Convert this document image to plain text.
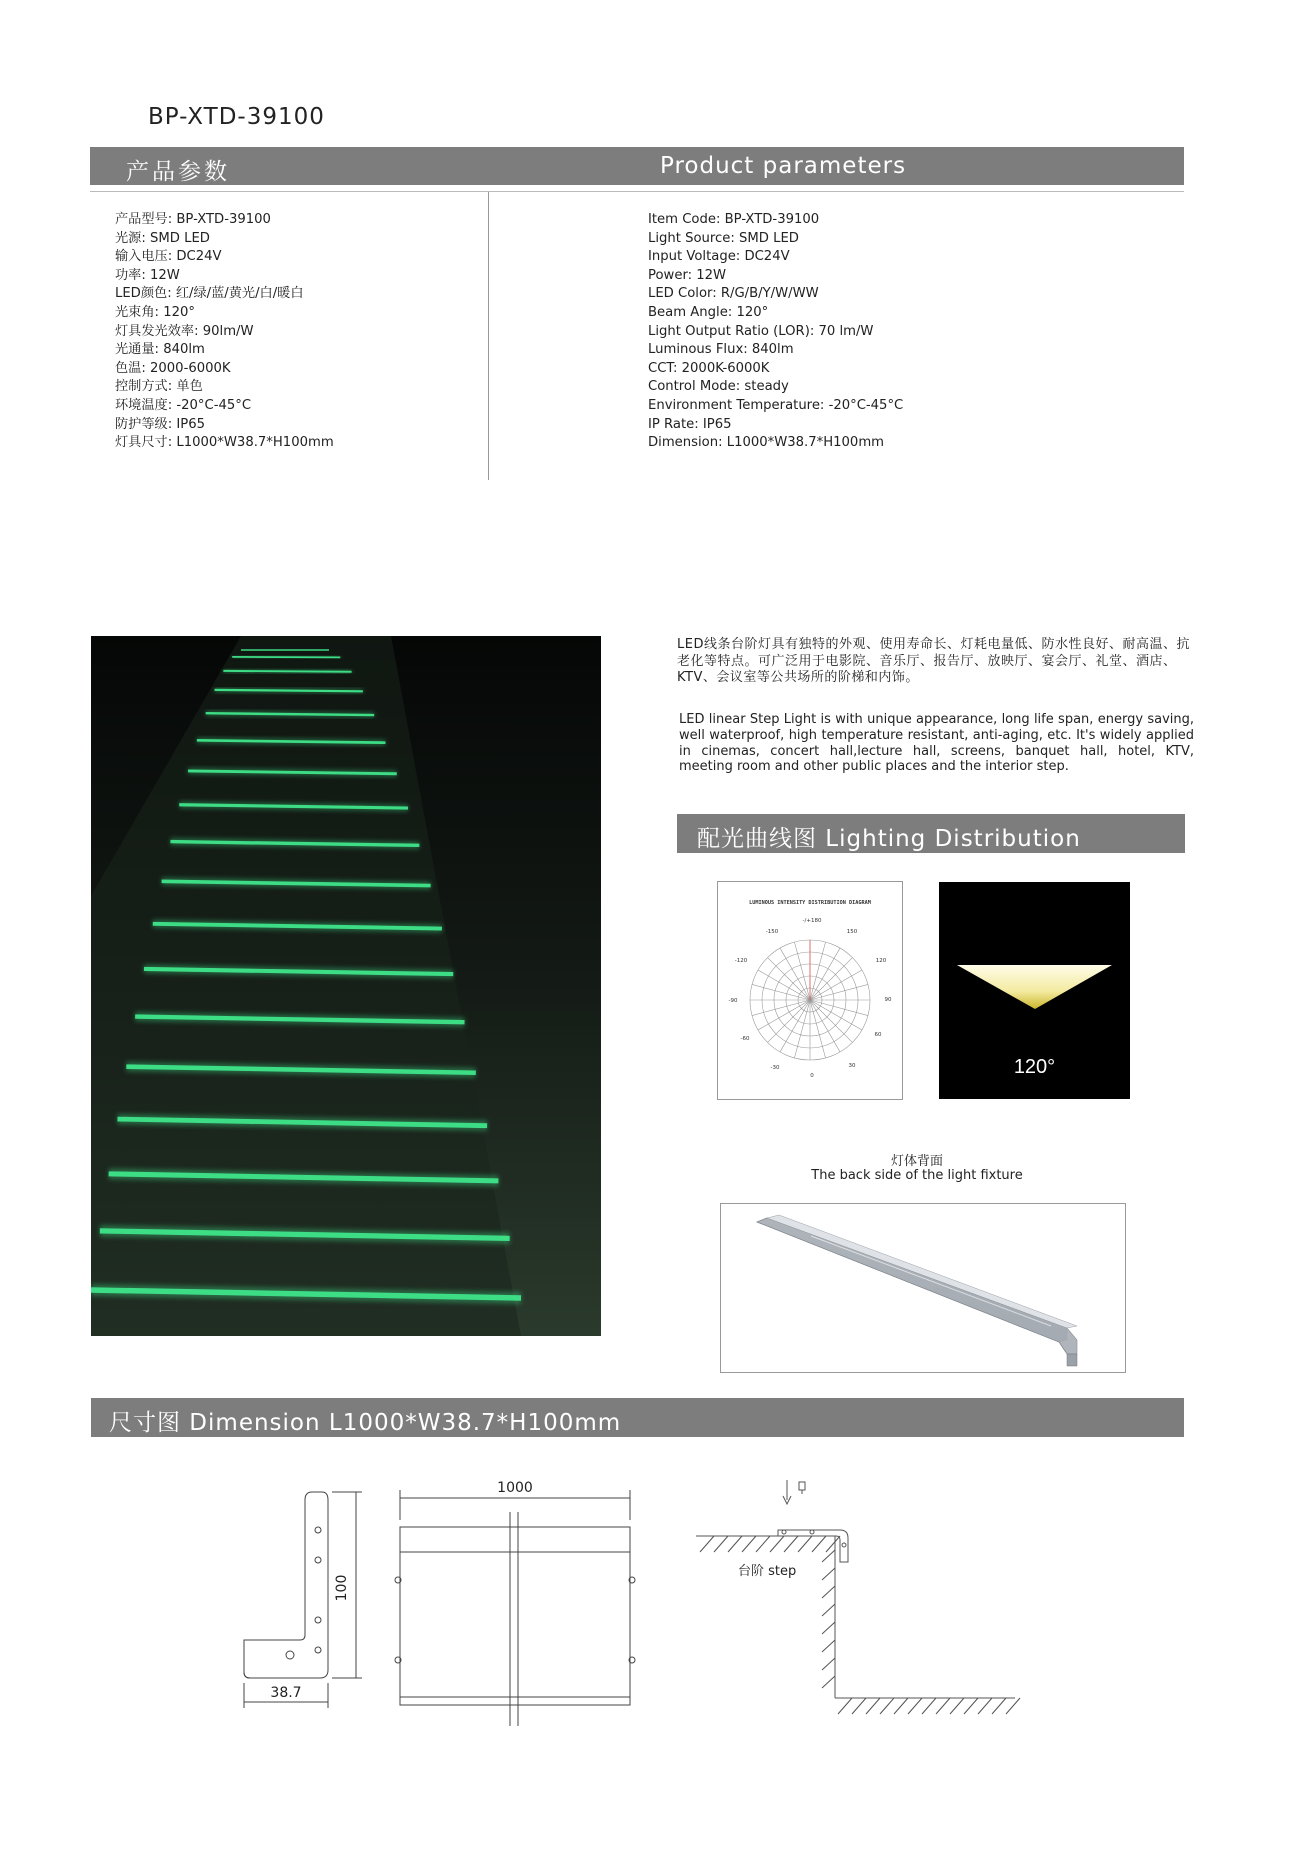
BP-XTD-39100
产品参数	Product parameters
产品型号: BP-XTD-39100
光源: SMD LED
输入电压: DC24V
功率: 12W
LED颜色: 红/绿/蓝/黄光/白/暖白
光束角: 120°
灯具发光效率: 90lm/W
光通量: 840lm
色温: 2000-6000K
控制方式: 单色
环境温度: -20°C-45°C
防护等级: IP65
灯具尺寸: L1000*W38.7*H100mm
Item Code: BP-XTD-39100
Light Source: SMD LED
Input Voltage: DC24V
Power: 12W
LED Color: R/G/B/Y/W/WW
Beam Angle: 120°
Light Output Ratio (LOR): 70 lm/W
Luminous Flux: 840lm
CCT: 2000K-6000K
Control Mode: steady
Environment Temperature: -20°C-45°C
IP Rate: IP65
Dimension: L1000*W38.7*H100mm
LED线条台阶灯具有独特的外观、使用寿命长、灯耗电量低、防水性良好、耐高温、抗老化等特点。可广泛用于电影院、音乐厅、报告厅、放映厅、宴会厅、礼堂、酒店、KTV、会议室等公共场所的阶梯和内饰。
LED linear Step Light is with unique appearance, long life span, energy saving, well waterproof, high temperature resistant, anti-aging, etc. It's widely applied in cinemas, concert hall,lecture hall, screens, banquet hall, hotel, KTV, meeting room and other public places and the interior step.
配光曲线图 Lighting Distribution
LUMINOUS INTENSITY DISTRIBUTION DIAGRAM
-/+180
-150	150
-120	120
-90	90
-60
60
-30	30
0	120°
灯体背面
The back side of the light fixture
尺寸图 Dimension L1000*W38.7*H100mm
100
38.7
1000
台阶 step
